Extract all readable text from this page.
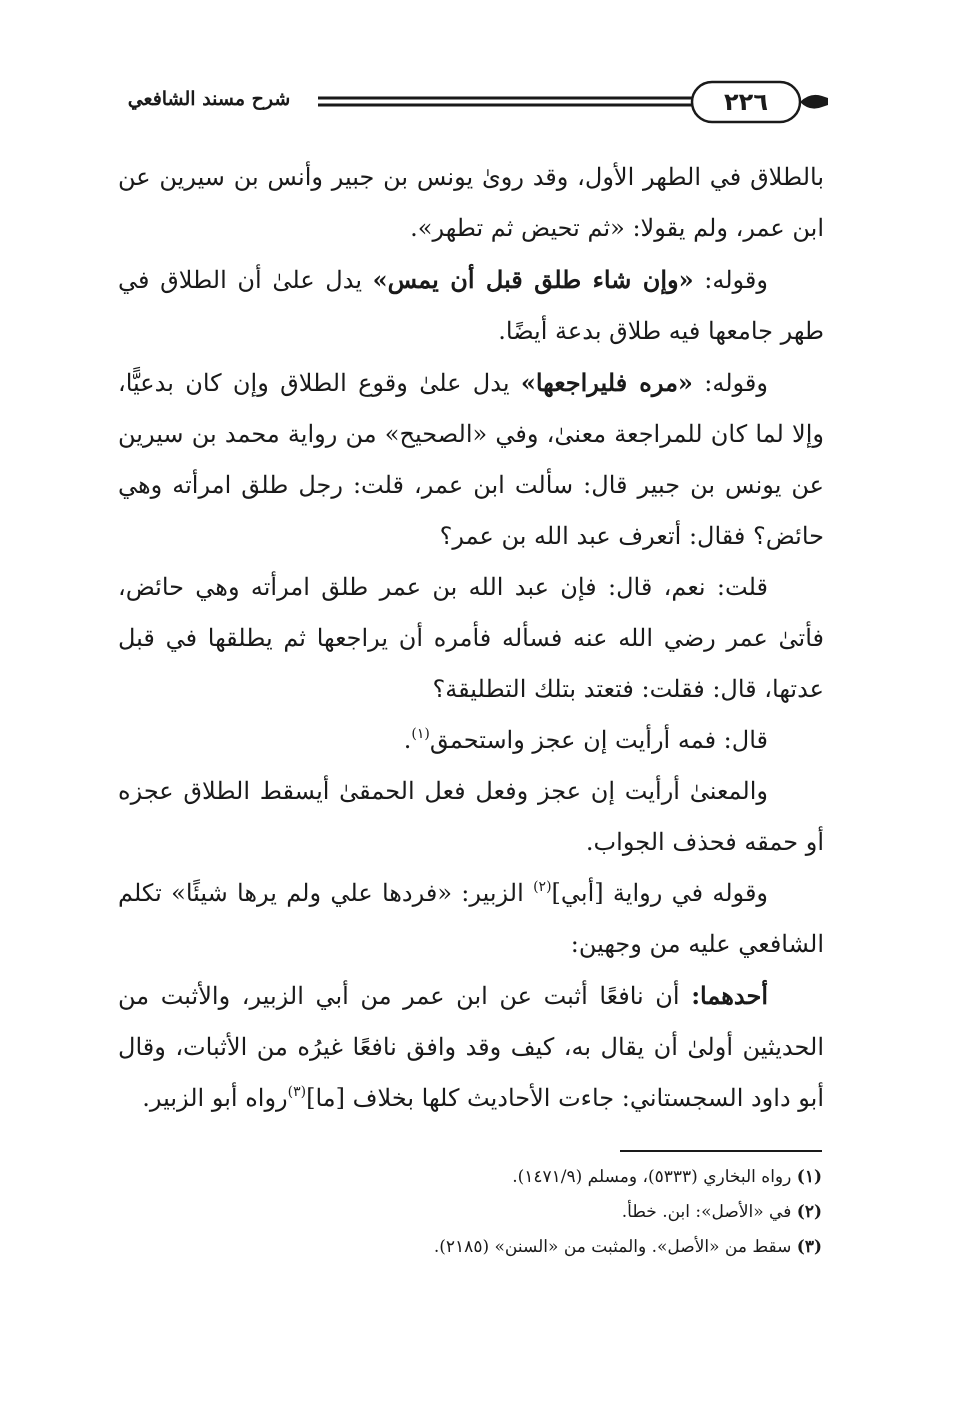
شرح مسند الشافعي	٢٢٦

بالطلاق في الطهر الأول، وقد روىٰ يونس بن جبير وأنس بن سيرين عن ابن عمر، ولم يقولا: «ثم تحيض ثم تطهر».

وقوله: «وإن شاء طلق قبل أن يمس» يدل علىٰ أن الطلاق في طهر جامعها فيه طلاق بدعة أيضًا.

وقوله: «مره فليراجعها» يدل علىٰ وقوع الطلاق وإن كان بدعيًّا، وإلا لما كان للمراجعة معنىٰ، وفي «الصحيح» من رواية محمد بن سيرين عن يونس بن جبير قال: سألت ابن عمر، قلت: رجل طلق امرأته وهي حائض؟ فقال: أتعرف عبد الله بن عمر؟

قلت: نعم، قال: فإن عبد الله بن عمر طلق امرأته وهي حائض، فأتىٰ عمر رضي الله عنه فسأله فأمره أن يراجعها ثم يطلقها في قبل عدتها، قال: فقلت: فتعتد بتلك التطليقة؟

قال: فمه أرأيت إن عجز واستحمق$^{(١)}$.

والمعنىٰ أرأيت إن عجز وفعل فعل الحمقىٰ أيسقط الطلاق عجزه أو حمقه فحذف الجواب.

وقوله في رواية [أبي]$^{(٢)}$ الزبير: «فردها علي ولم يرها شيئًا» تكلم الشافعي عليه من وجهين:

أحدهما: أن نافعًا أثبت عن ابن عمر من أبي الزبير، والأثبت من الحديثين أولىٰ أن يقال به، كيف وقد وافق نافعًا غيرُه من الأثبات، وقال أبو داود السجستاني: جاءت الأحاديث كلها بخلاف [ما]$^{(٣)}$رواه أبو الزبير.

(١) رواه البخاري (٥٣٣٣)، ومسلم (١٤٧١/٩).
(٢) في «الأصل»: ابن. خطأ.
(٣) سقط من «الأصل». والمثبت من «السنن» (٢١٨٥).
